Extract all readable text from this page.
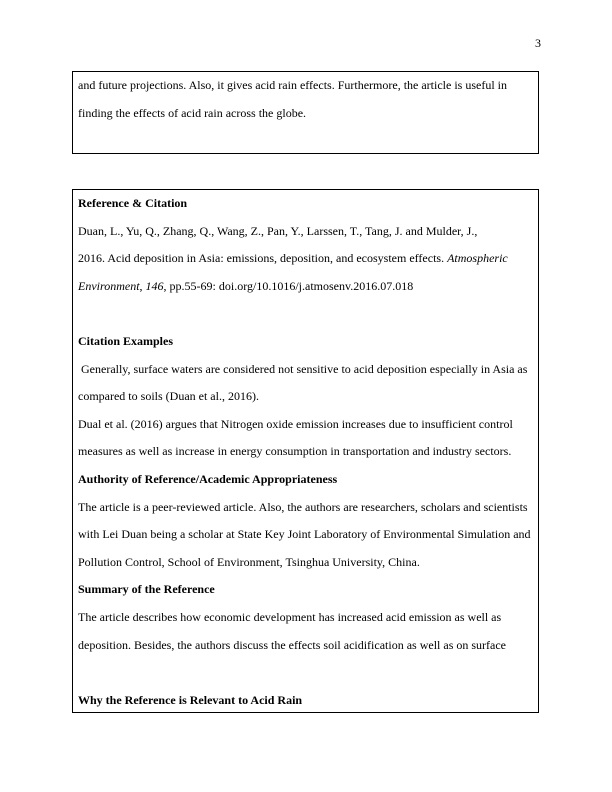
3

and future projections. Also, it gives acid rain effects. Furthermore, the article is useful in

finding the effects of acid rain across the globe.

Reference & Citation

Duan, L., Yu, Q., Zhang, Q., Wang, Z., Pan, Y., Larssen, T., Tang, J. and Mulder, J.,

2016. Acid deposition in Asia: emissions, deposition, and ecosystem effects. Atmospheric

Environment, 146, pp.55-69: doi.org/10.1016/j.atmosenv.2016.07.018

Citation Examples

Generally, surface waters are considered not sensitive to acid deposition especially in Asia as

compared to soils (Duan et al., 2016).

Dual et al. (2016) argues that Nitrogen oxide emission increases due to insufficient control

measures as well as increase in energy consumption in transportation and industry sectors.

Authority of Reference/Academic Appropriateness

The article is a peer-reviewed article. Also, the authors are researchers, scholars and scientists

with Lei Duan being a scholar at State Key Joint Laboratory of Environmental Simulation and

Pollution Control, School of Environment, Tsinghua University, China.

Summary of the Reference

The article describes how economic development has increased acid emission as well as

deposition. Besides, the authors discuss the effects soil acidification as well as on surface

Why the Reference is Relevant to Acid Rain
